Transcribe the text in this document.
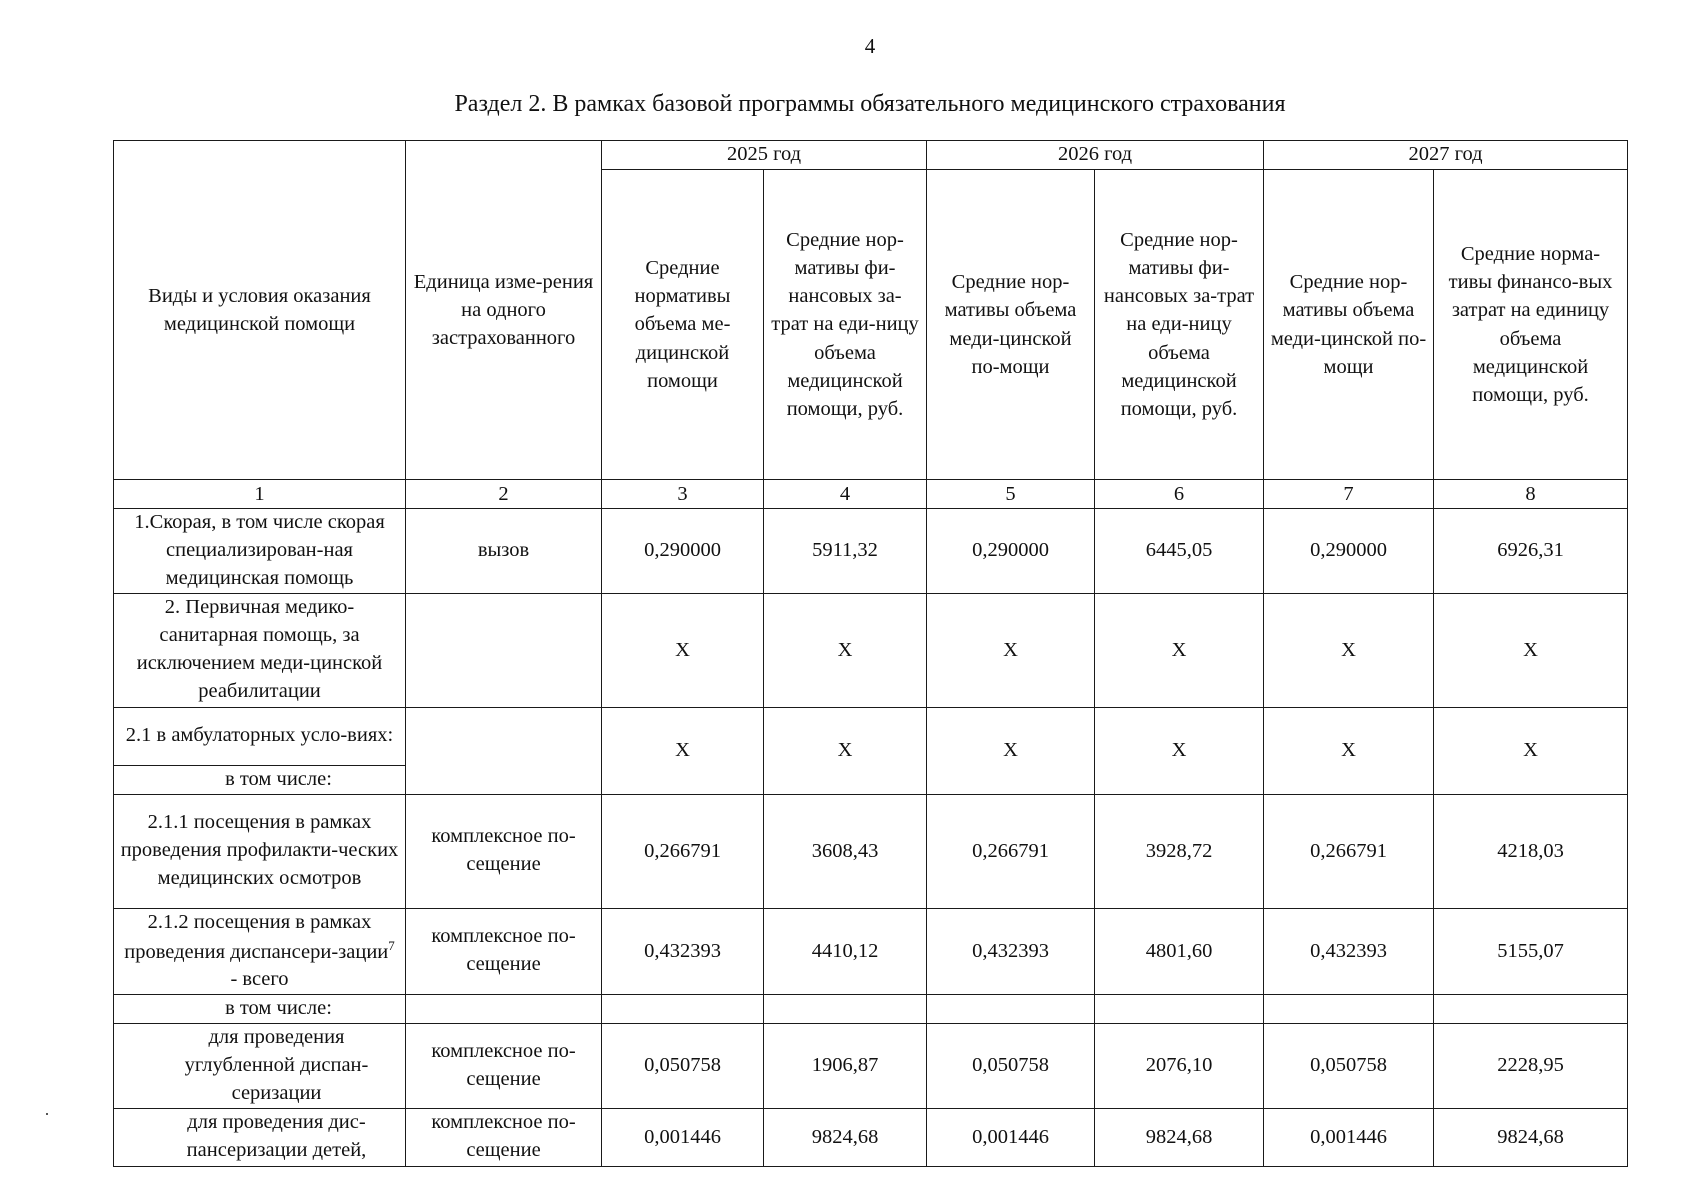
4
Раздел 2. В рамках базовой программы обязательного медицинского страхования
Виды и условия оказания медицинской помощи	Единица изме-рения на одного застрахованного	2025 год		2026 год		2027 год	
		Средние нормативы объема ме-дицинской помощи	Средние нор-мативы фи-нансовых за-трат на еди-ницу объема медицинской помощи, руб.	Средние нор-мативы объема меди-цинской по-мощи	Средние нор-мативы фи-нансовых за-трат на еди-ницу объема медицинской помощи, руб.	Средние нор-мативы объема меди-цинской по-мощи	Средние норма-тивы финансо-вых затрат на единицу объема медицинской помощи, руб.
1	2	3	4	5	6	7	8
1.Скорая, в том числе скорая специализирован-ная медицинская помощь	вызов	0,290000	5911,32	0,290000	6445,05	0,290000	6926,31
2. Первичная медико-санитарная помощь, за исключением меди-цинской реабилитации		X	X	X	X	X	X
2.1 в амбулаторных усло-виях:		X	X	X	X	X	X
в том числе:							
2.1.1 посещения в рамках проведения профилакти-ческих медицинских осмотров	комплексное по-сещение	0,266791	3608,43	0,266791	3928,72	0,266791	4218,03
2.1.2 посещения в рамках проведения диспансери-зации$^7$ - всего	комплексное по-сещение	0,432393	4410,12	0,432393	4801,60	0,432393	5155,07
в том числе:							
для проведения углубленной диспан-серизации	комплексное по-сещение	0,050758	1906,87	0,050758	2076,10	0,050758	2228,95
для проведения дис-пансеризации детей,	комплексное по-сещение	0,001446	9824,68	0,001446	9824,68	0,001446	9824,68
